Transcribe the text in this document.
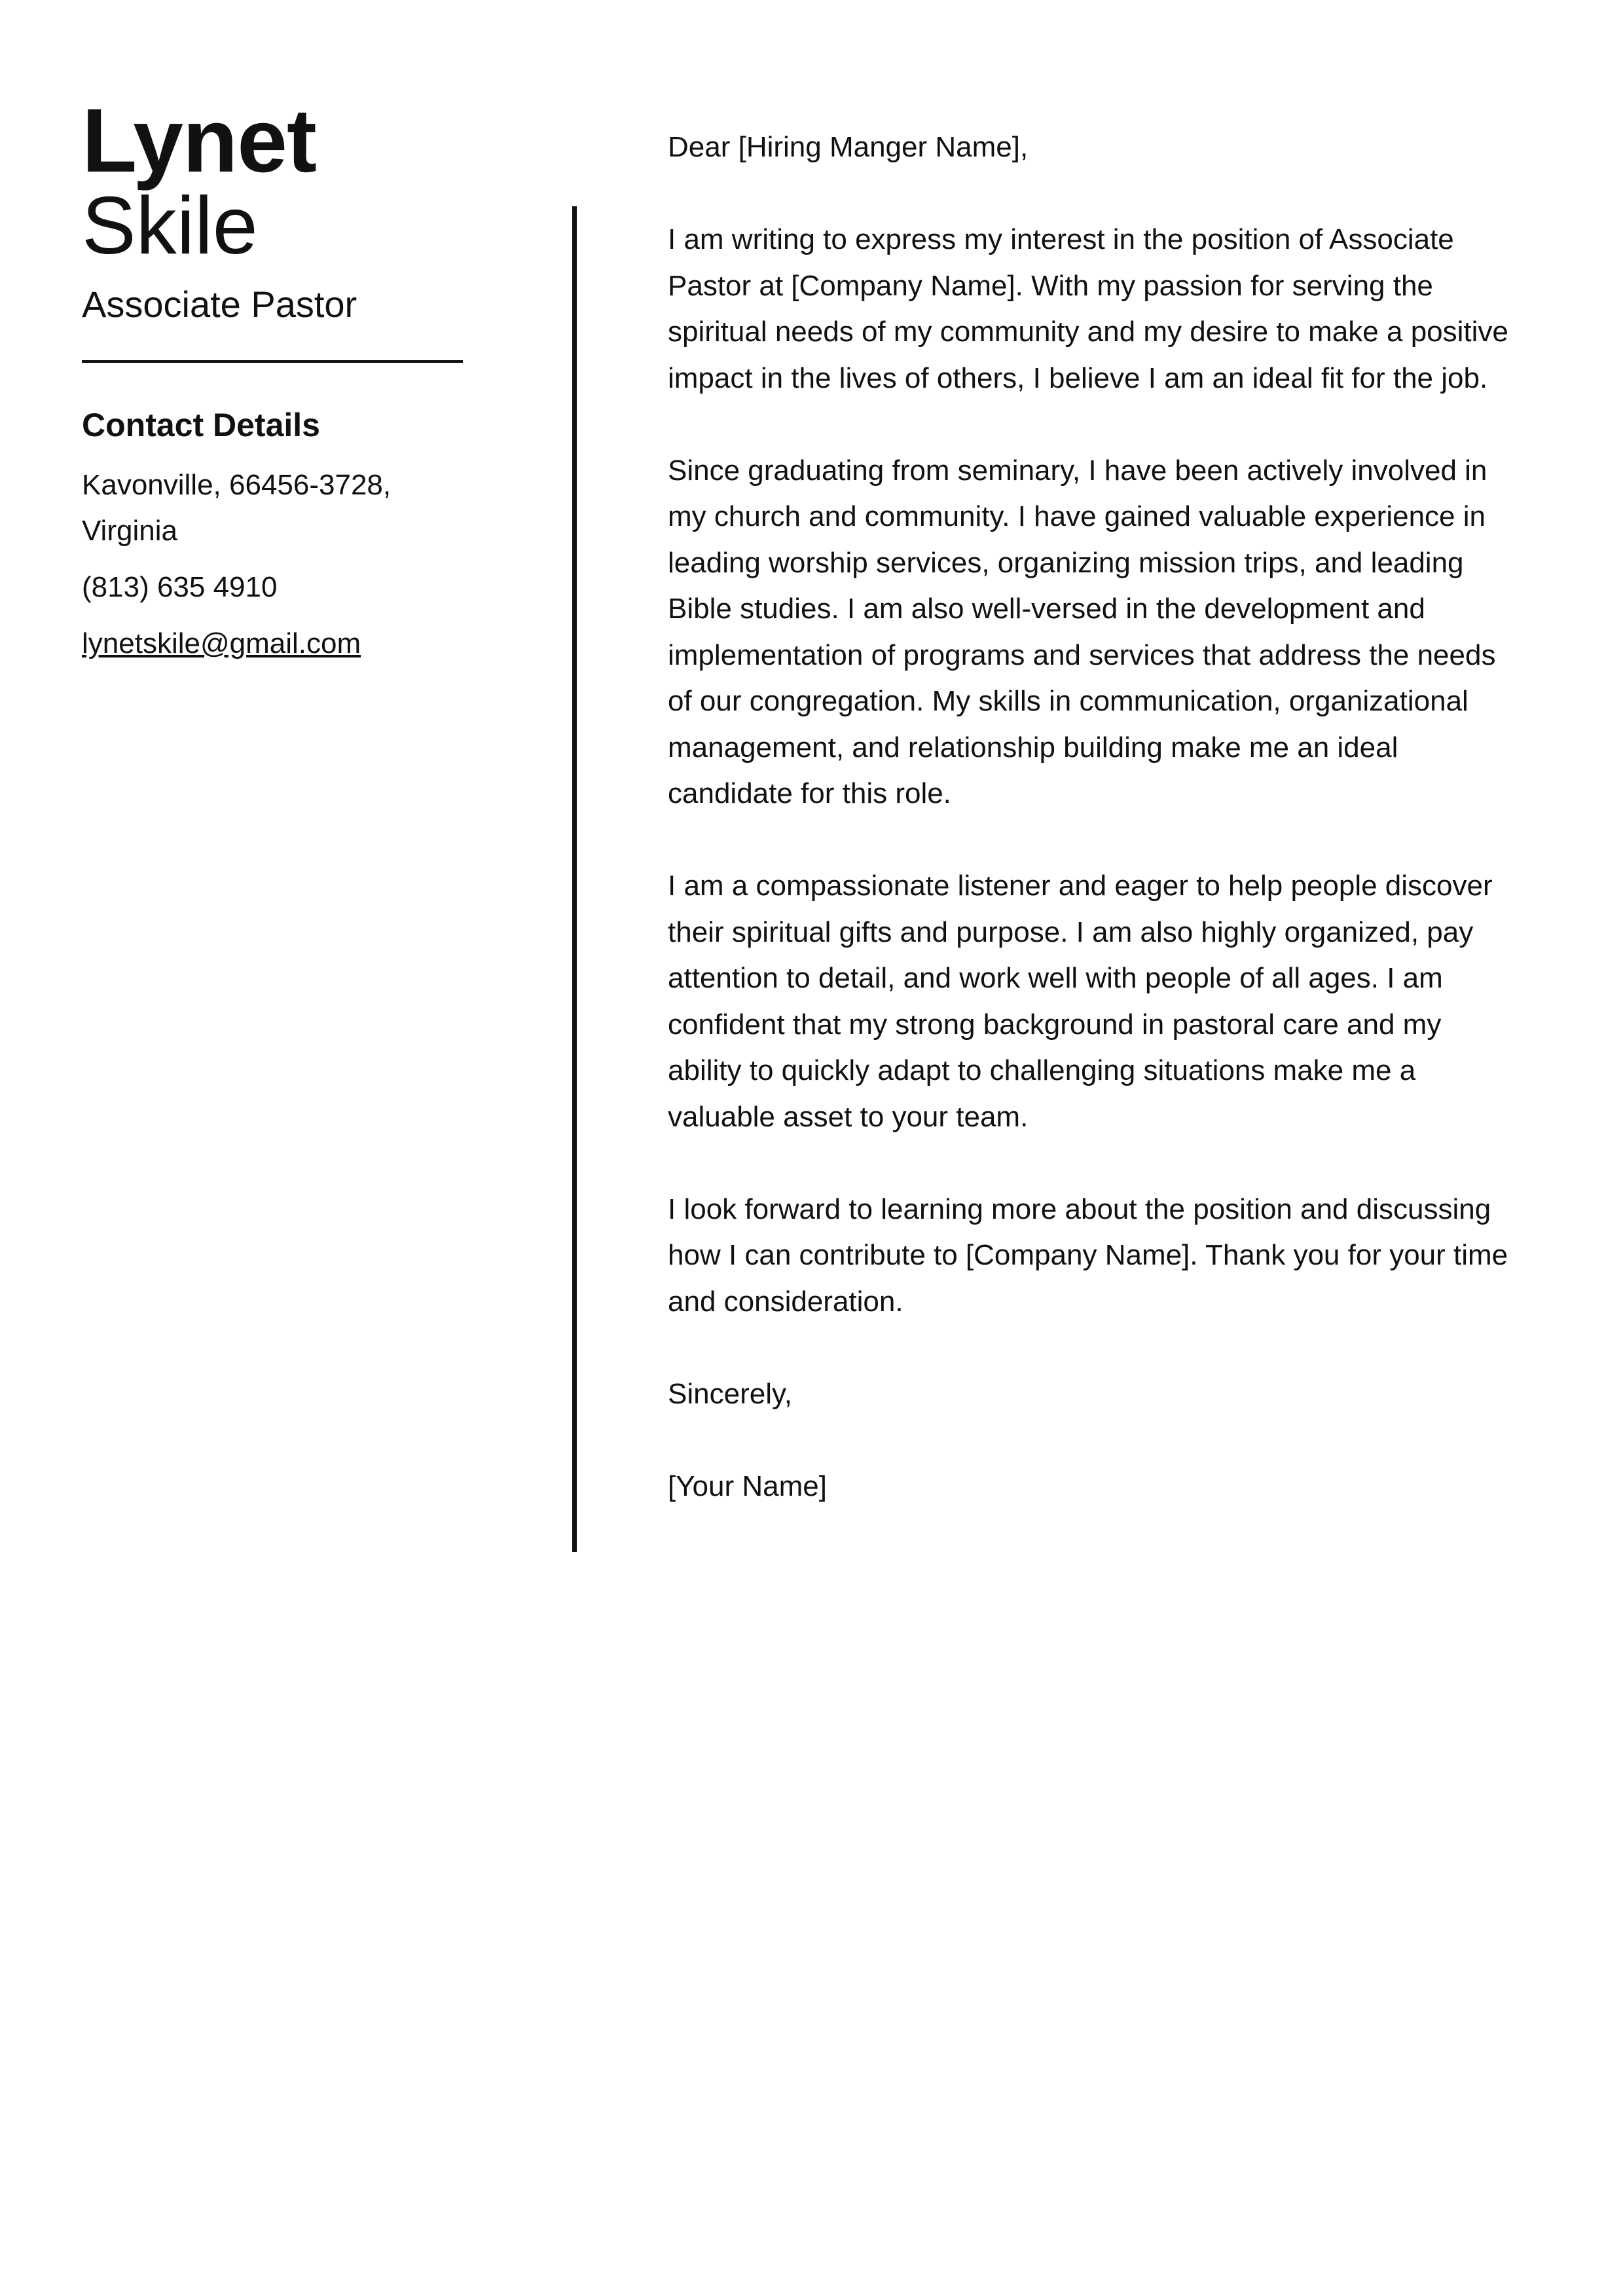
Lynet
Skile
Associate Pastor
Contact Details
Kavonville, 66456-3728, Virginia
(813) 635 4910
lynetskile@gmail.com

Dear [Hiring Manger Name],

I am writing to express my interest in the position of Associate Pastor at [Company Name]. With my passion for serving the spiritual needs of my community and my desire to make a positive impact in the lives of others, I believe I am an ideal fit for the job.

Since graduating from seminary, I have been actively involved in my church and community. I have gained valuable experience in leading worship services, organizing mission trips, and leading Bible studies. I am also well-versed in the development and implementation of programs and services that address the needs of our congregation. My skills in communication, organizational management, and relationship building make me an ideal candidate for this role.

I am a compassionate listener and eager to help people discover their spiritual gifts and purpose. I am also highly organized, pay attention to detail, and work well with people of all ages. I am confident that my strong background in pastoral care and my ability to quickly adapt to challenging situations make me a valuable asset to your team.

I look forward to learning more about the position and discussing how I can contribute to [Company Name]. Thank you for your time and consideration.

Sincerely,

[Your Name]
